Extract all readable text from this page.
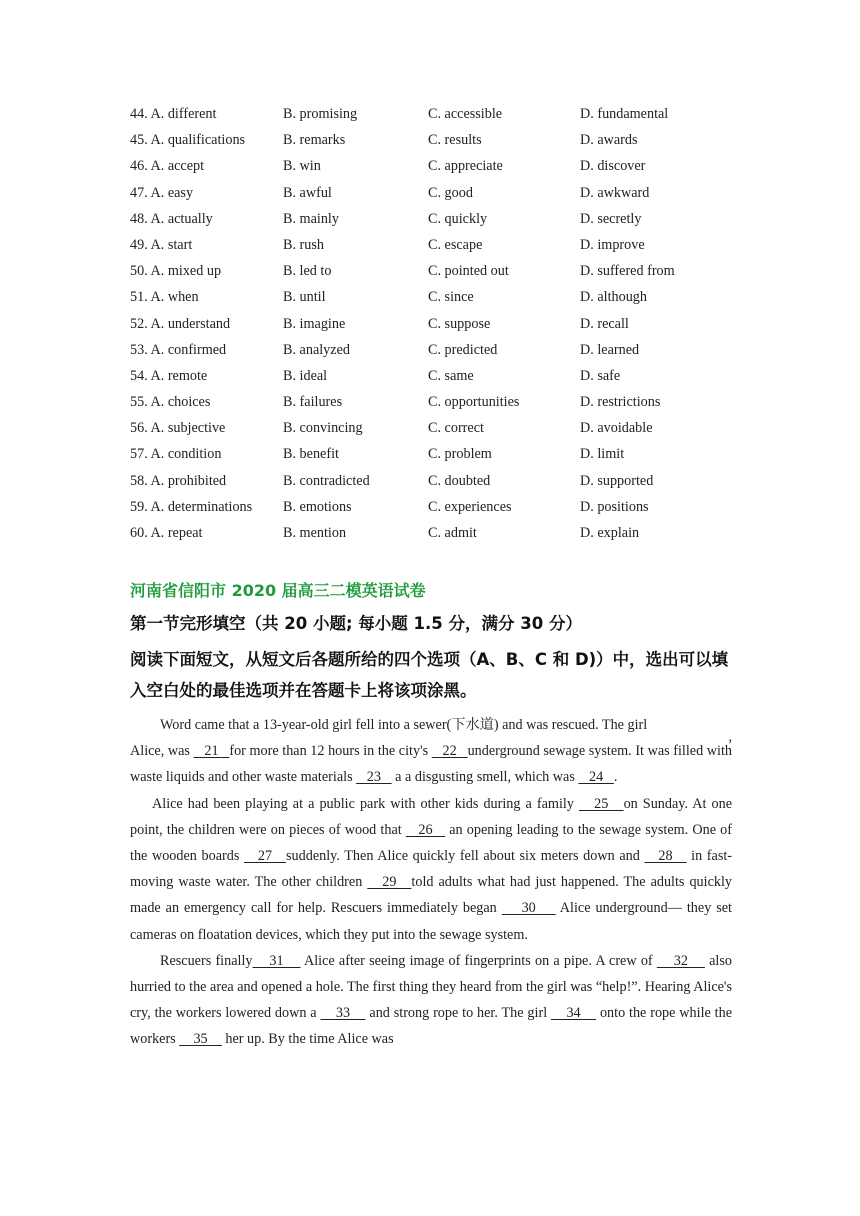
44. A. different	B. promising	C. accessible	D. fundamental
45. A. qualifications	B. remarks	C. results	D. awards
46. A. accept	B. win	C. appreciate	D. discover
47. A. easy	B. awful	C. good	D. awkward
48. A. actually	B. mainly	C. quickly	D. secretly
49. A. start	B. rush	C. escape	D. improve
50. A. mixed up	B. led to	C. pointed out	D. suffered from
51. A. when	B. until	C. since	D. although
52. A. understand	B. imagine	C. suppose	D. recall
53. A. confirmed	B. analyzed	C. predicted	D. learned
54. A. remote	B. ideal	C. same	D. safe
55. A. choices	B. failures	C. opportunities	D. restrictions
56. A. subjective	B. convincing	C. correct	D. avoidable
57. A. condition	B. benefit	C. problem	D. limit
58. A. prohibited	B. contradicted	C. doubted	D. supported
59. A. determinations B. emotions	C. experiences	D. positions
60. A. repeat	B. mention	C. admit	D. explain
河南省信阳市 2020 届高三二模英语试卷
第一节完形填空（共 20 小题; 每小题 1.5 分，满分 30 分）

阅读下面短文，从短文后各题所给的四个选项（A、B、C 和 D)）中，选出可以填入空白处的最佳选项并在答题卡上将该项涂黑。

Word came that a 13-year-old girl fell into a sewer(下水道) and was rescued. The girl
,

Alice, was    21   for more than 12 hours in the city's    22   underground sewage system. It was filled with waste liquids and other waste materials    23    a a disgusting smell, which was    24   .

Alice had been playing at a public park with other kids during a family    25   on Sunday. At one point, the children were on pieces of wood that    26    an opening leading to the sewage system. One of the wooden boards    27   suddenly. Then Alice quickly fell about six meters down and    28    in fast-moving waste water. The other children    29   told adults what had just happened. The adults quickly made an emergency call for help. Rescuers immediately began     30     Alice underground— they set cameras on floatation devices, which they put into the sewage system.

Rescuers finally    31     Alice after seeing image of fingerprints on a pipe. A crew of     32     also hurried to the area and opened a hole. The first thing they heard from the girl was “help!”. Hearing Alice's cry, the workers lowered down a     33     and strong rope to her. The girl     34     onto the rope while the workers     35     her up. By the time Alice was
